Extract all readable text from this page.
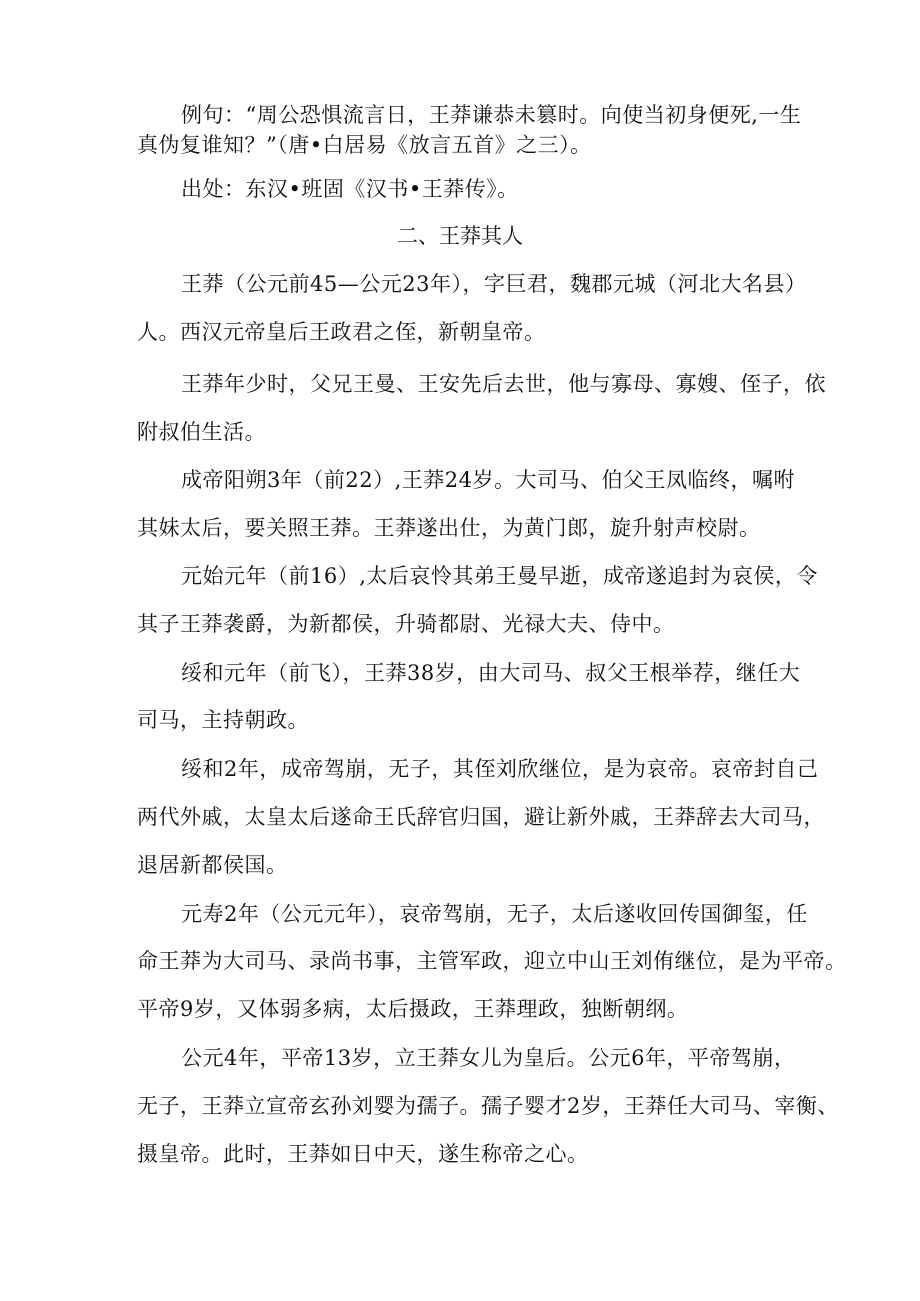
例句：“周公恐惧流言日，王莽谦恭未篡时。向使当初身便死,一生
真伪复谁知？”（唐•白居易《放言五首》之三）。
出处：东汉•班固《汉书•王莽传》。
二、王莽其人
王莽（公元前45—公元23年），字巨君，魏郡元城（河北大名县）
人。西汉元帝皇后王政君之侄，新朝皇帝。
王莽年少时，父兄王曼、王安先后去世，他与寡母、寡嫂、侄子，依
附叔伯生活。
成帝阳朔3年（前22）,王莽24岁。大司马、伯父王凤临终，嘱咐
其妹太后，要关照王莽。王莽遂出仕，为黄门郎，旋升射声校尉。
元始元年（前16）,太后哀怜其弟王曼早逝，成帝遂追封为哀侯，令
其子王莽袭爵，为新都侯，升骑都尉、光禄大夫、侍中。
绥和元年（前飞），王莽38岁，由大司马、叔父王根举荐，继任大
司马，主持朝政。
绥和2年，成帝驾崩，无子，其侄刘欣继位，是为哀帝。哀帝封自己
两代外戚，太皇太后遂命王氏辞官归国，避让新外戚，王莽辞去大司马，
退居新都侯国。
元寿2年（公元元年），哀帝驾崩，无子，太后遂收回传国御玺，任
命王莽为大司马、录尚书事，主管军政，迎立中山王刘侑继位，是为平帝。
平帝9岁，又体弱多病，太后摄政，王莽理政，独断朝纲。
公元4年，平帝13岁，立王莽女儿为皇后。公元6年，平帝驾崩，
无子，王莽立宣帝玄孙刘婴为孺子。孺子婴才2岁，王莽任大司马、宰衡、
摄皇帝。此时，王莽如日中天，遂生称帝之心。
